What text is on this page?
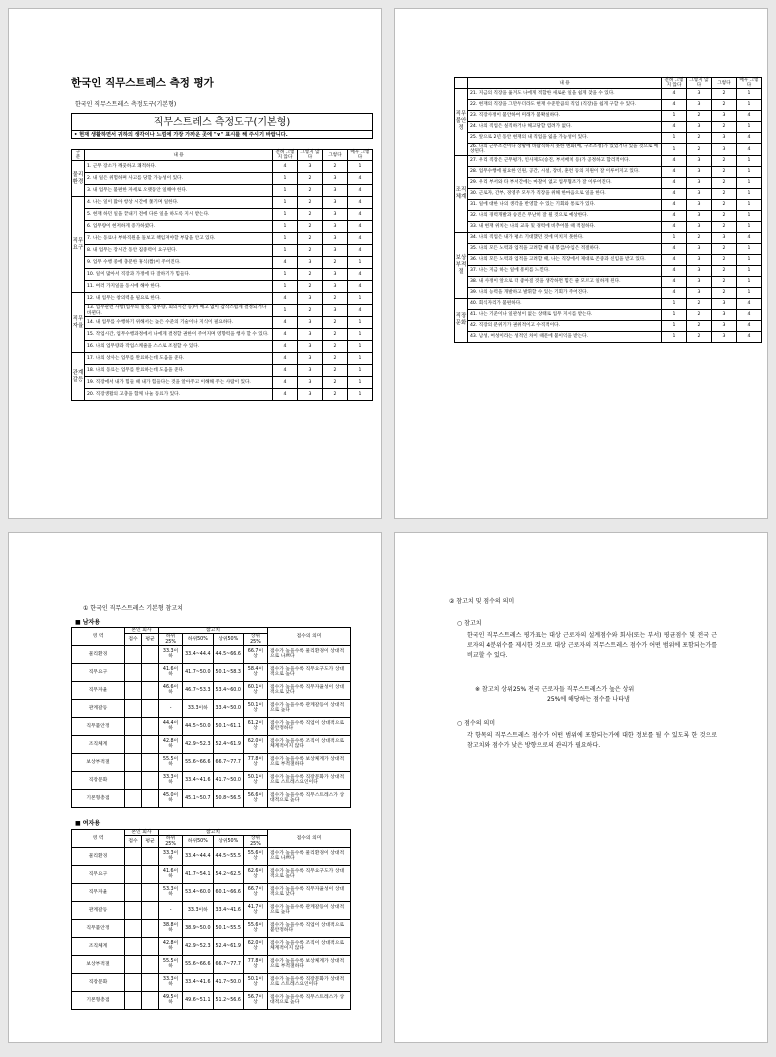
한국인 직무스트레스 측정 평가
한국인 직무스트레스 측정도구(기본형)
직무스트레스 측정도구(기본형)
• 현재 생활하면서 귀하의 생각이나 느낌에 가장 가까운 곳에 "∨" 표시를 해 주시기 바랍니다.
구분	내 용	전혀 그렇지 않다	그렇지 않다	그렇다	매우 그렇다
물리환경	1. 근무 장소가 깨끗하고 쾌적하다.	4	3	2	1
	2. 내 일은 위험하며 사고를 당할 가능성이 있다.	1	2	3	4
	3. 내 업무는 불편한 자세로 오랫동안 일해야 한다.	1	2	3	4
직무요구	4. 나는 일이 많아 항상 시간에 쫓기며 일한다.	1	2	3	4
	5. 현재 하던 일을 끝내기 전에 다른 일을 하도록 지시 받는다.	1	2	3	4
	6. 업무량이 현저하게 증가하였다.	1	2	3	4
	7. 나는 동료나 부하직원을 돌보고 책임져야할 부담을 안고 있다.	1	2	3	4
	8. 내 업무는 장시간 동안 집중력이 요구된다.	1	2	3	4
	9. 업무 수행 중에 충분한 휴식(짬)이 주어진다.	4	3	2	1
	10. 일이 많아서 직장과 가정에 다 잘하기가 힘들다.	1	2	3	4
	11. 여러 가지일을 동시에 해야 한다.	1	2	3	4
직무자율	12. 내 업무는 창의력을 필요로 한다.	4	3	2	1
	13. 업무관련 사항(업무의 일정, 업무량, 회의시간 등)이 예고 없이 갑작스럽게 결정되거나 바뀐다.	1	2	3	4
	14. 내 업무를 수행하기 위해서는 높은 수준의 기술이나 지식이 필요하다.	4	3	2	1
	15. 작업시간, 업무수행과정에서 나에게 결정할 권한이 주어지며 영향력을 행사 할 수 있다.	4	3	2	1
	16. 나의 업무량과 작업스케줄을 스스로 조절할 수 있다.	4	3	2	1
관계갈등	17. 나의 상사는 업무를 완료하는데 도움을 준다.	4	3	2	1
	18. 나의 동료는 업무를 완료하는데 도움을 준다.	4	3	2	1
	19. 직장에서 내가 힘들 때 내가 힘들다는 것을 알아주고 이해해 주는 사람이 있다.	4	3	2	1
	20. 직장생활의 고충을 함께 나눌 동료가 있다.	4	3	2	1
	내 용	전혀 그렇지 않다	그렇지 않다	그렇다	매우 그렇다
직무불안정	21. 지금의 직장을 옮겨도 나에게 적합한 새로운 일을 쉽게 찾을 수 있다.	4	3	2	1
	22. 현재의 직장을 그만두더라도 현재 수준만큼의 직업 (직장)을 쉽게 구할 수 있다.	4	3	2	1
	23. 직장사정이 불안하여 미래가 불확실하다.	1	2	3	4
	24. 나의 직업은 실직하거나 해고당할 염려가 없다.	4	3	2	1
	25. 앞으로 2년 동안 현재의 내 직업을 잃을 가능성이 있다.	1	2	3	4
	26. 나의 근무조건이나 상황에 바람직하지 못한 변화(예, 구조조정)가 있었거나 있을 것으로 예상된다.	1	2	3	4
조직체계	27. 우리 직장은 근무평가, 인사제도(승진, 부서배치 등)가 공정하고 합리적이다.	4	3	2	1
	28. 업무수행에 필요한 인원, 공간, 시설, 장비, 훈련 등의 지원이 잘 이루어지고 있다.	4	3	2	1
	29. 우리 부서와 타 부서간에는 마찰이 없고 업무협조가 잘 이루어진다.	4	3	2	1
	30. 근로자, 간부, 경영주 모두가 직장을 위해 한마음으로 일을 한다.	4	3	2	1
	31. 일에 대한 나의 생각을 반영할 수 있는 기회와 통로가 있다.	4	3	2	1
	32. 나의 경력개발과 승진은 무난히 잘 될 것으로 예상한다.	4	3	2	1
	33. 내 현재 위치는 나의 교육 및 경력에 비추어볼 때 적절하다.	4	3	2	1
보상부적절	34. 나의 직업은 내가 평소 기대했던 것에 미치지 못한다.	1	2	3	4
	35. 나의 모든 노력과 업적을 고려할 때 내 봉급/수입은 적절하다.	4	3	2	1
	36. 나의 모든 노력과 업적을 고려할 때, 나는 직장에서 제대로 존중과 신임을 받고 있다.	4	3	2	1
	37. 나는 지금 하는 일에 흥미를 느낀다.	4	3	2	1
	38. 내 사정이 앞으로 더 좋아질 것을 생각하면 힘든 줄 모르고 일하게 된다.	4	3	2	1
	39. 나의 능력을 개발하고 발휘할 수 있는 기회가 주어진다.	4	3	2	1
직장문화	40. 회식자리가 불편하다.	1	2	3	4
	41. 나는 기준이나 일관성이 없는 상태로 업무 지시를 받는다.	1	2	3	4
	42. 직장의 분위기가 권위적이고 수직적이다.	1	2	3	4
	43. 남성, 여성이라는 성적인 차이 때문에 불이익을 받는다.	1	2	3	4
① 한국인 직무스트레스 기본형 참고치
■ 남자용
영 역	본인 회사		참고치				점수의 의미
	점수	평균	하위25%	하위50%	상위50%	상위25%	
물리환경			33.3이하	33.4~44.4	44.5~66.6	66.7이상	점수가 높을수록 물리환경이 상대적으로 나쁘다
직무요구			41.6이하	41.7~50.0	50.1~58.3	58.4이상	점수가 높을수록 직무요구도가 상대적으로 높다
직무자율			46.6이하	46.7~53.3	53.4~60.0	60.1이상	점수가 높을수록 직무자율성이 상대적으로 낮다
관계갈등			-	33.3이하	33.4~50.0	50.1이상	점수가 높을수록 관계갈등이 상대적으로 높다
직무불안정			44.4이하	44.5~50.0	50.1~61.1	61.2이상	점수가 높을수록 직업이 상대적으로 불안정하다
조직체계			42.8이하	42.9~52.3	52.4~61.9	62.0이상	점수가 높을수록 조직이 상대적으로 체계적이지 않다
보상부적절			55.5이하	55.6~66.6	66.7~77.7	77.8이상	점수가 높을수록 보상체계가 상대적으로 부적절하다
직장문화			33.3이하	33.4~41.6	41.7~50.0	50.1이상	점수가 높을수록 직장문화가 상대적으로 스트레스요인이다
기본형총점			45.0이하	45.1~50.7	50.8~56.5	56.6이상	점수가 높을수록 직무스트레스가 상대적으로 높다
■ 여자용
영 역	본인 회사		참고치				점수의 의미
	점수	평균	하위25%	하위50%	상위50%	상위25%	
물리환경			33.3이하	33.4~44.4	44.5~55.5	55.6이상	점수가 높을수록 물리환경이 상대적으로 나쁘다
직무요구			41.6이하	41.7~54.1	54.2~62.5	62.6이상	점수가 높을수록 직무요구도가 상대적으로 높다
직무자율			53.3이하	53.4~60.0	60.1~66.6	66.7이상	점수가 높을수록 직무자율성이 상대적으로 낮다
관계갈등			-	33.3이하	33.4~41.6	41.7이상	점수가 높을수록 관계갈등이 상대적으로 높다
직무불안정			38.8이하	38.9~50.0	50.1~55.5	55.6이상	점수가 높을수록 직업이 상대적으로 불안정하다
조직체계			42.8이하	42.9~52.3	52.4~61.9	62.0이상	점수가 높을수록 조직이 상대적으로 체계적이지 않다
보상부적절			55.5이하	55.6~66.6	66.7~77.7	77.8이상	점수가 높을수록 보상체계가 상대적으로 부적절하다
직장문화			33.3이하	33.4~41.6	41.7~50.0	50.1이상	점수가 높을수록 직장문화가 상대적으로 스트레스요인이다
기본형총점			49.5이하	49.6~51.1	51.2~56.6	56.7이상	점수가 높을수록 직무스트레스가 상대적으로 높다
② 참고치 및 점수의 의미
○ 참고치
한국인 직무스트레스 평가표는 대상 근로자의 설계점수와 회사(또는 부서) 평균점수 및 전국 근로자의 4분위수를 제시한 것으로 대상 근로자의 직무스트레스 점수가 어떤 범위에 포함되는가를 비교할 수 있다.
※ 참고치 상위25% 전국 근로자들 직무스트레스가 높은 상위
25%에 해당하는 점수를 나타냄
○ 점수의 의미
각 항목의 직무스트레스 점수가 어떤 범위에 포함되는가에 대한 정보를 될 수 있도록 한 것으로 참고치와 점수가 낮은 방향으로의 관리가 필요하다.
